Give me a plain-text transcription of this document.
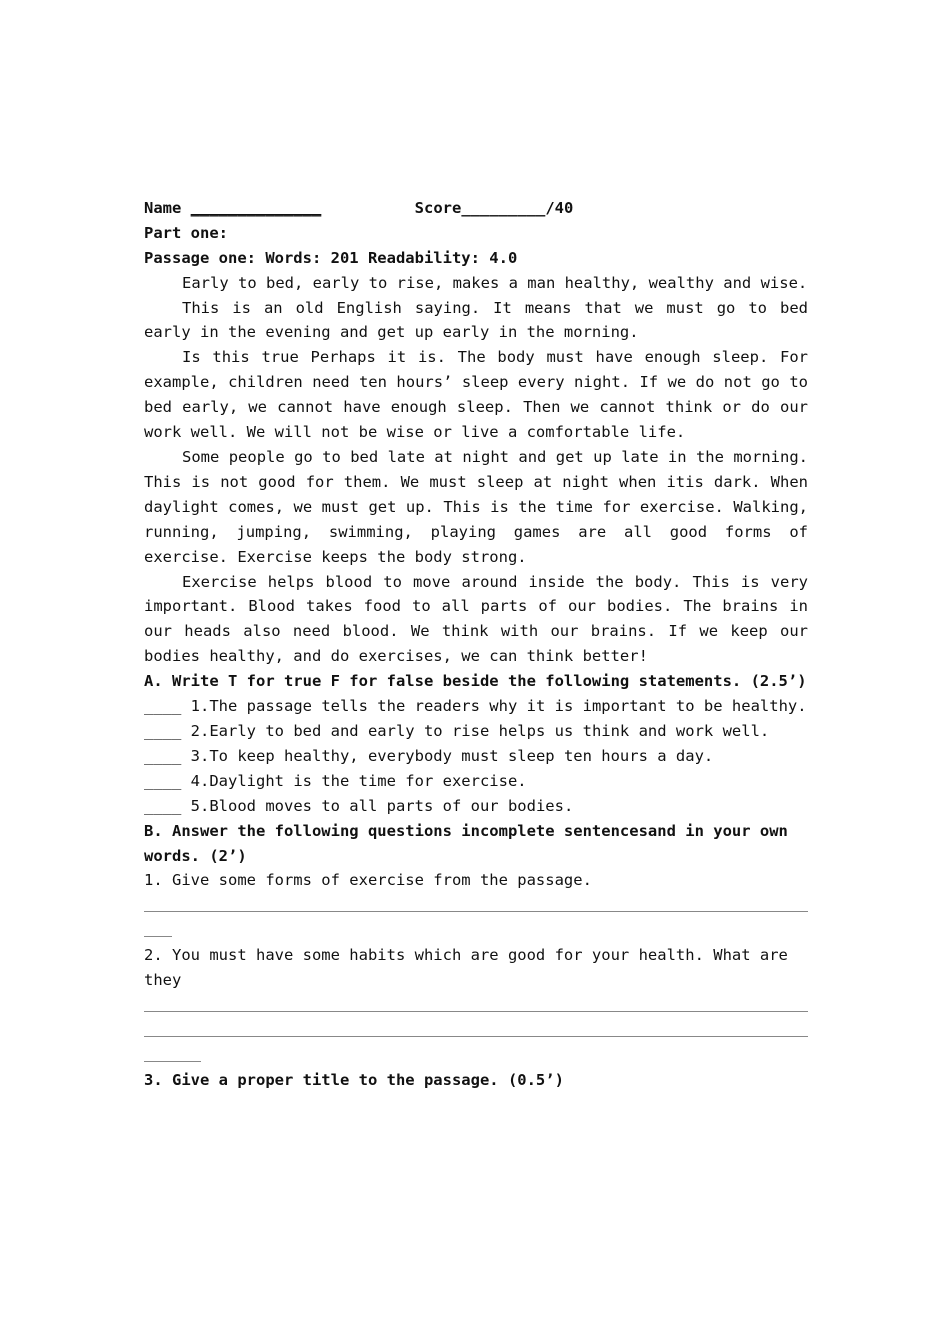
Name ______________	Score_________/40
Part one:
Passage one: Words: 201 Readability: 4.0
Early to bed, early to rise, makes a man healthy, wealthy and wise.
This is an old English saying. It means that we must go to bed early in the evening and get up early in the morning.
Is this true Perhaps it is. The body must have enough sleep. For example, children need ten hours’ sleep every night. If we do not go to bed early, we cannot have enough sleep. Then we cannot think or do our work well. We will not be wise or live a comfortable life.
Some people go to bed late at night and get up late in the morning. This is not good for them. We must sleep at night when itis dark. When daylight comes, we must get up. This is the time for exercise. Walking, running, jumping, swimming, playing games are all good forms of exercise. Exercise keeps the body strong.
Exercise helps blood to move around inside the body. This is very important. Blood takes food to all parts of our bodies. The brains in our heads also need blood. We think with our brains. If we keep our bodies healthy, and do exercises, we can think better!
A. Write T for true F for false beside the following statements. (2.5’)
____ 1.The passage tells the readers why it is important to be healthy.
____ 2.Early to bed and early to rise helps us think and work well.
____ 3.To keep healthy, everybody must sleep ten hours a day.
____ 4.Daylight is the time for exercise.
____ 5.Blood moves to all parts of our bodies.
B. Answer the following questions incomplete sentencesand in your own words. (2’)
1. Give some forms of exercise from the passage.
2. You must have some habits which are good for your health. What are they
3. Give a proper title to the passage. (0.5’)
